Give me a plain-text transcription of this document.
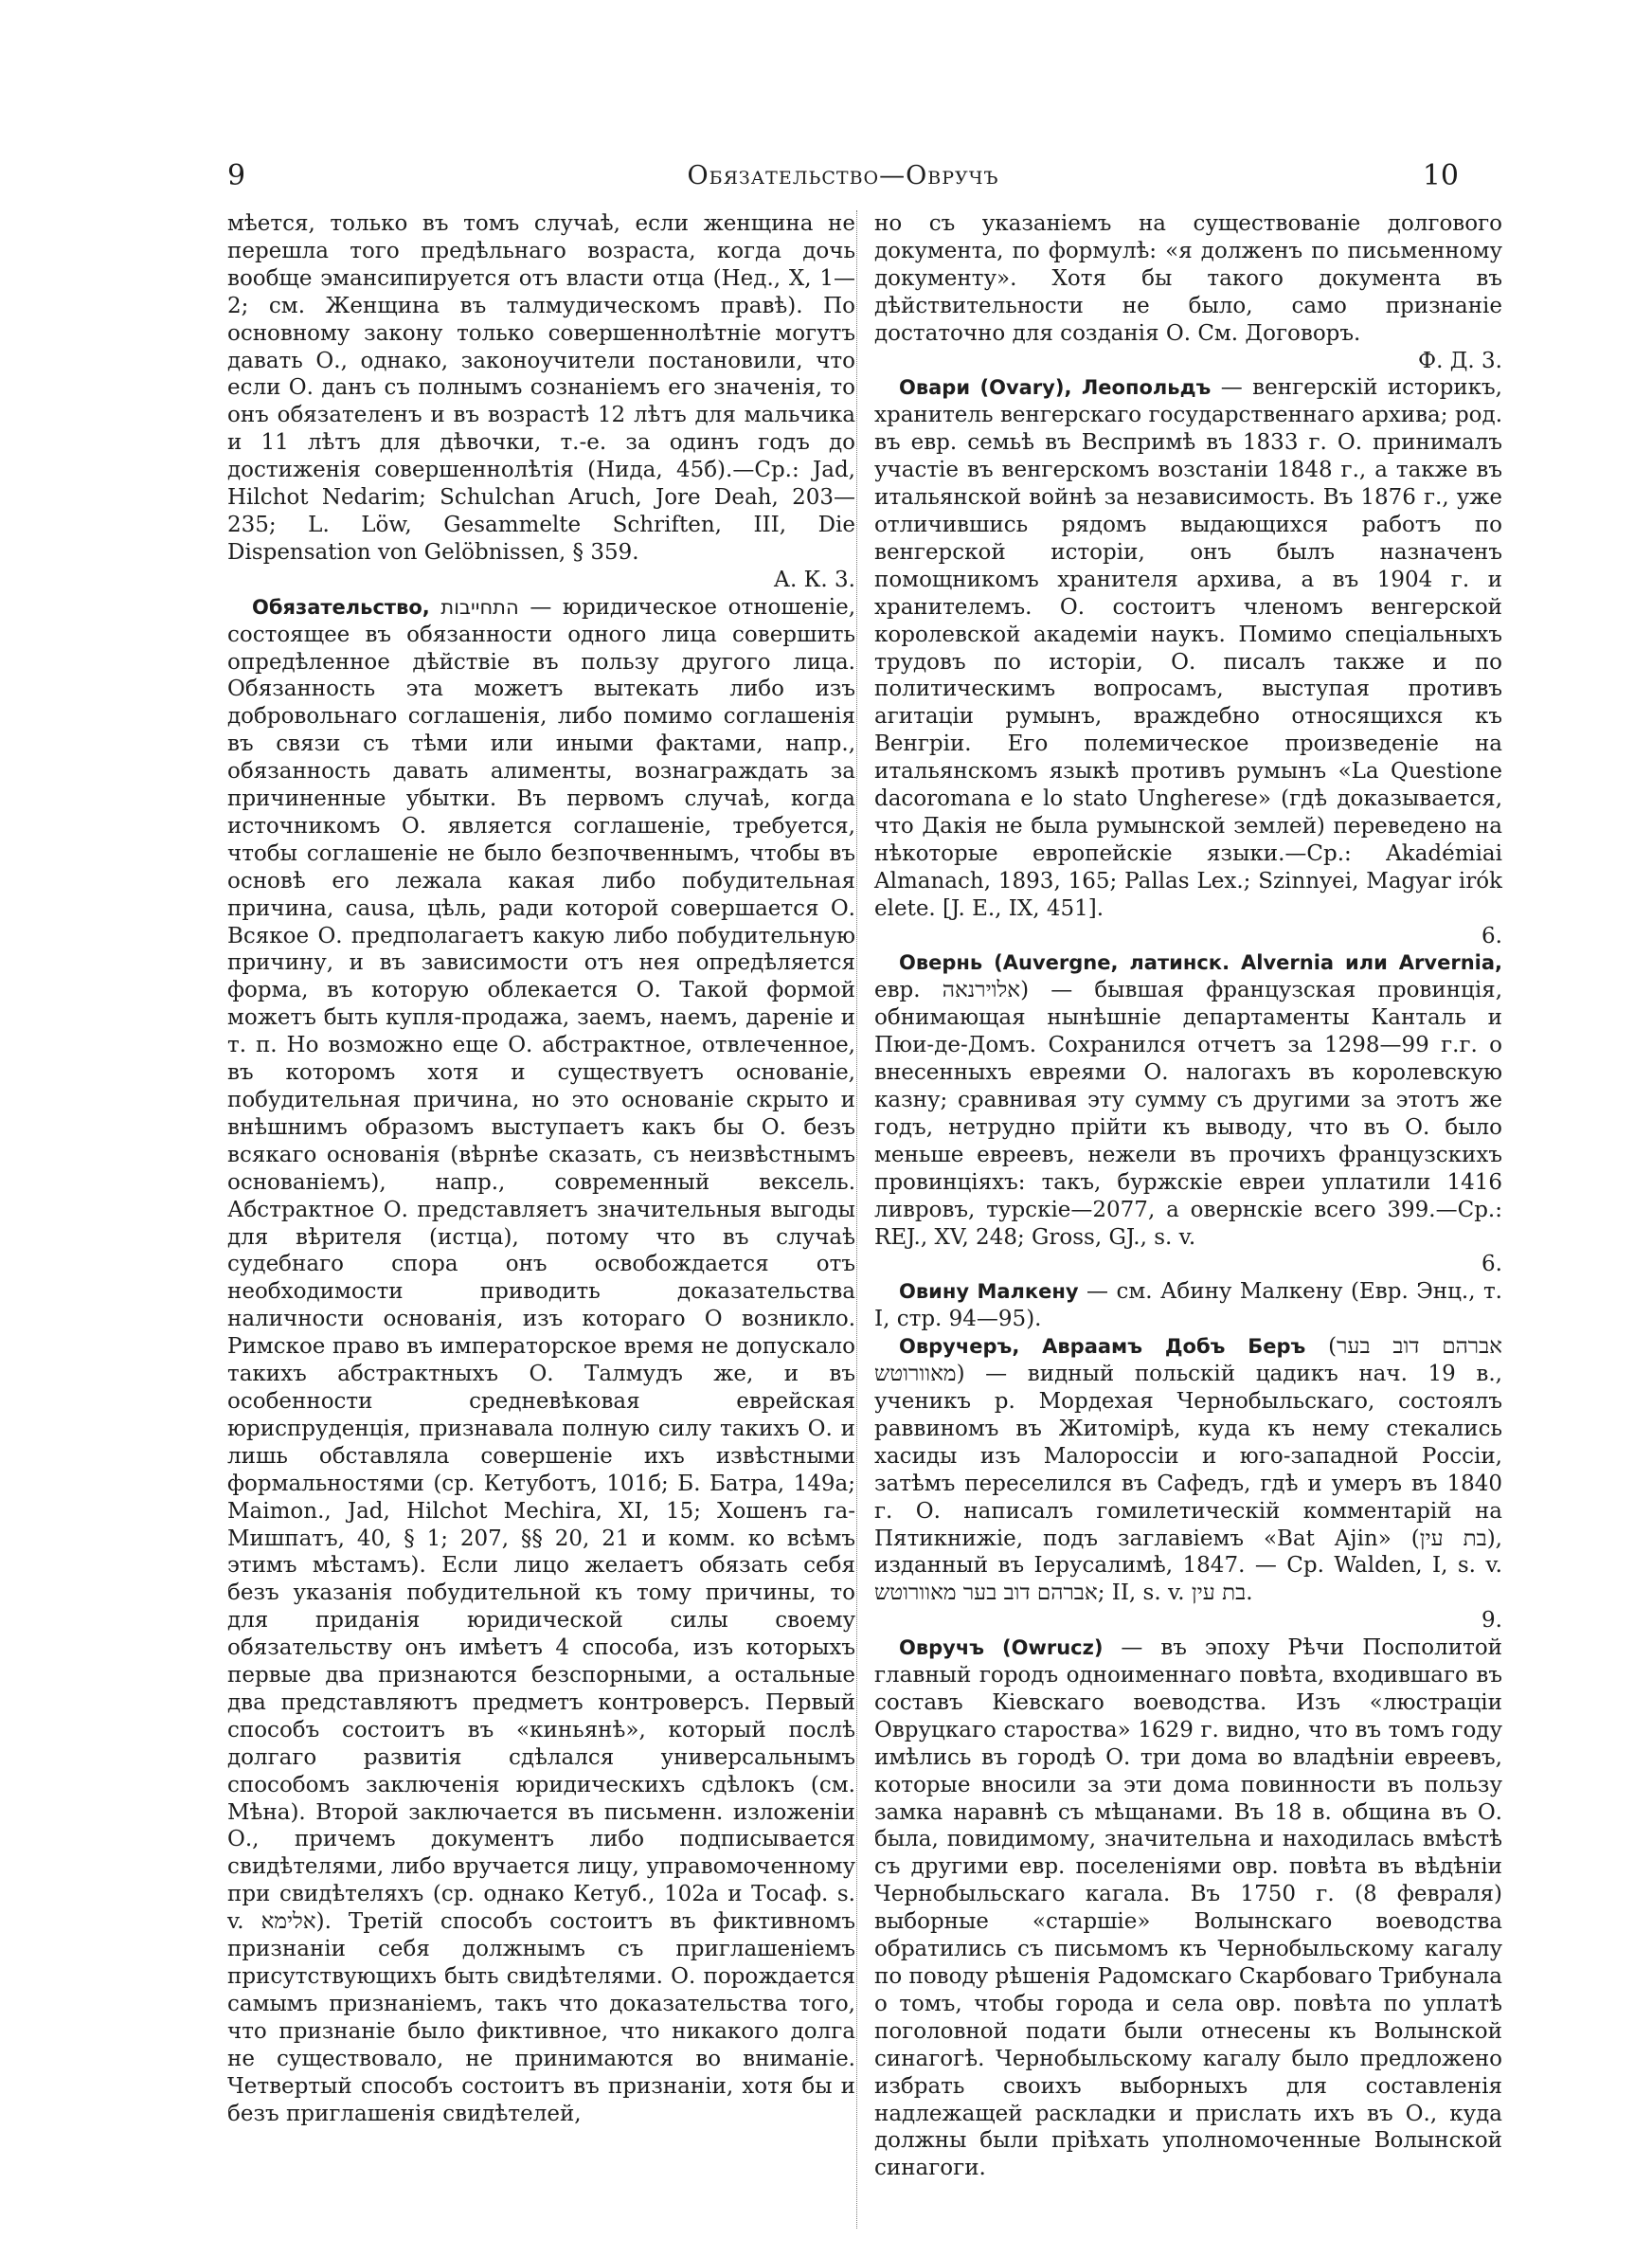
9	Обязательство—Овручъ	10

мѣется, только въ томъ случаѣ, если женщина не перешла того предѣльнаго возраста, когда дочь вообще эмансипируется отъ власти отца (Нед., X, 1—2; см. Женщина въ талмудическомъ правѣ). По основному закону только совершеннолѣтніе могутъ давать О., однако, законоучители постановили, что если О. данъ съ полнымъ сознаніемъ его значенія, то онъ обязателенъ и въ возрастѣ 12 лѣтъ для мальчика и 11 лѣтъ для дѣвочки, т.-е. за одинъ годъ до достиженія совершеннолѣтія (Нида, 45б).—Ср.: Jad, Hilchot Nedarim; Schulchan Aruch, Jore Deah, 203—235; L. Löw, Gesammelte Schriften, III, Die Dispensation von Gelöbnissen, § 359.

А. К. 3.

Обязательство, התחייבות — юридическое отношеніе, состоящее въ обязанности одного лица совершить опредѣленное дѣйствіе въ пользу другого лица. Обязанность эта можетъ вытекать либо изъ добровольнаго соглашенія, либо помимо соглашенія въ связи съ тѣми или иными фактами, напр., обязанность давать алименты, вознаграждать за причиненные убытки. Въ первомъ случаѣ, когда источникомъ О. является соглашеніе, требуется, чтобы соглашеніе не было безпочвеннымъ, чтобы въ основѣ его лежала какая либо побудительная причина, causa, цѣль, ради которой совершается О. Всякое О. предполагаетъ какую либо побудительную причину, и въ зависимости отъ нея опредѣляется форма, въ которую облекается О. Такой формой можетъ быть купля-продажа, заемъ, наемъ, дареніе и т. п. Но возможно еще О. абстрактное, отвлеченное, въ которомъ хотя и существуетъ основаніе, побудительная причина, но это основаніе скрыто и внѣшнимъ образомъ выступаетъ какъ бы О. безъ всякаго основанія (вѣрнѣе сказать, съ неизвѣстнымъ основаніемъ), напр., современный вексель. Абстрактное О. представляетъ значительныя выгоды для вѣрителя (истца), потому что въ случаѣ судебнаго спора онъ освобождается отъ необходимости приводить доказательства наличности основанія, изъ котораго О возникло. Римское право въ императорское время не допускало такихъ абстрактныхъ О. Талмудъ же, и въ особенности средневѣковая еврейская юриспруденція, признавала полную силу такихъ О. и лишь обставляла совершеніе ихъ извѣстными формальностями (ср. Кетуботъ, 101б; Б. Батра, 149а; Maimon., Jad, Hilchot Mechira, XI, 15; Хошенъ га-Мишпатъ, 40, § 1; 207, §§ 20, 21 и комм. ко всѣмъ этимъ мѣстамъ). Если лицо желаетъ обязать себя безъ указанія побудительной къ тому причины, то для приданія юридической силы своему обязательству онъ имѣетъ 4 способа, изъ которыхъ первые два признаются безспорными, а остальные два представляютъ предметъ контроверсъ. Первый способъ состоитъ въ «киньянѣ», который послѣ долгаго развитія сдѣлался универсальнымъ способомъ заключенія юридическихъ сдѣлокъ (см. Мѣна). Второй заключается въ письменн. изложеніи О., причемъ документъ либо подписывается свидѣтелями, либо вручается лицу, управомоченному при свидѣтеляхъ (ср. однако Кетуб., 102а и Тосаф. s. v. אלימא). Третій способъ состоитъ въ фиктивномъ признаніи себя должнымъ съ приглашеніемъ присутствующихъ быть свидѣтелями. О. порождается самымъ признаніемъ, такъ что доказательства того, что признаніе было фиктивное, что никакого долга не существовало, не принимаются во вниманіе. Четвертый способъ состоитъ въ признаніи, хотя бы и безъ приглашенія свидѣтелей,

но съ указаніемъ на существованіе долгового документа, по формулѣ: «я долженъ по письменному документу». Хотя бы такого документа въ дѣйствительности не было, само признаніе достаточно для созданія О. См. Договоръ.

Ф. Д. 3.

Овари (Ovary), Леопольдъ — венгерскій историкъ, хранитель венгерскаго государственнаго архива; род. въ евр. семьѣ въ Веспримѣ въ 1833 г. О. принималъ участіе въ венгерскомъ возстаніи 1848 г., а также въ итальянской войнѣ за независимость. Въ 1876 г., уже отличившись рядомъ выдающихся работъ по венгерской исторіи, онъ былъ назначенъ помощникомъ хранителя архива, а въ 1904 г. и хранителемъ. О. состоитъ членомъ венгерской королевской академіи наукъ. Помимо спеціальныхъ трудовъ по исторіи, О. писалъ также и по политическимъ вопросамъ, выступая противъ агитаціи румынъ, враждебно относящихся къ Венгріи. Его полемическое произведеніе на итальянскомъ языкѣ противъ румынъ «La Questione dacoromana e lo stato Ungherese» (гдѣ доказывается, что Дакія не была румынской землей) переведено на нѣкоторые европейскіе языки.—Ср.: Akadémiai Almanach, 1893, 165; Pallas Lex.; Szinnyei, Magyar irók elete. [J. E., IX, 451].

6.

Овернь (Auvergne, латинск. Alvernia или Arvernia, евр. אלוירנאה) — бывшая французская провинція, обнимающая нынѣшніе департаменты Канталь и Пюи-де-Домъ. Сохранился отчетъ за 1298—99 г.г. о внесенныхъ евреями О. налогахъ въ королевскую казну; сравнивая эту сумму съ другими за этотъ же годъ, нетрудно прійти къ выводу, что въ О. было меньше евреевъ, нежели въ прочихъ французскихъ провинціяхъ: такъ, буржскіе евреи уплатили 1416 ливровъ, турскіе—2077, а овернскіе всего 399.—Ср.: REJ., XV, 248; Gross, GJ., s. v.

6.

Овину Малкену — см. Абину Малкену (Евр. Энц., т. I, стр. 94—95).

Овручеръ, Авраамъ Добъ Беръ (אברהם דוב בער מאוורוטש) — видный польскій цадикъ нач. 19 в., ученикъ р. Мордехая Чернобыльскаго, состоялъ раввиномъ въ Житомірѣ, куда къ нему стекались хасиды изъ Малороссіи и юго-западной Россіи, затѣмъ переселился въ Сафедъ, гдѣ и умеръ въ 1840 г. О. написалъ гомилетическій комментарій на Пятикнижіе, подъ заглавіемъ «Bat Ajin» (בת עין), изданный въ Іерусалимѣ, 1847. — Cp. Walden, I, s. v. אברהם דוב בער מאוורוטש; II, s. v. בת עין.

9.

Овручъ (Owrucz) — въ эпоху Рѣчи Посполитой главный городъ одноименнаго повѣта, входившаго въ составъ Кіевскаго воеводства. Изъ «люстраціи Овруцкаго староства» 1629 г. видно, что въ томъ году имѣлись въ городѣ О. три дома во владѣніи евреевъ, которые вносили за эти дома повинности въ пользу замка наравнѣ съ мѣщанами. Въ 18 в. община въ О. была, повидимому, значительна и находилась вмѣстѣ съ другими евр. поселеніями овр. повѣта въ вѣдѣніи Чернобыльскаго кагала. Въ 1750 г. (8 февраля) выборные «старшіе» Волынскаго воеводства обратились съ письмомъ къ Чернобыльскому кагалу по поводу рѣшенія Радомскаго Скарбоваго Трибунала о томъ, чтобы города и села овр. повѣта по уплатѣ поголовной подати были отнесены къ Волынской синагогѣ. Чернобыльскому кагалу было предложено избрать своихъ выборныхъ для составленія надлежащей раскладки и прислать ихъ въ О., куда должны были пріѣхать уполномоченные Волынской синагоги.
